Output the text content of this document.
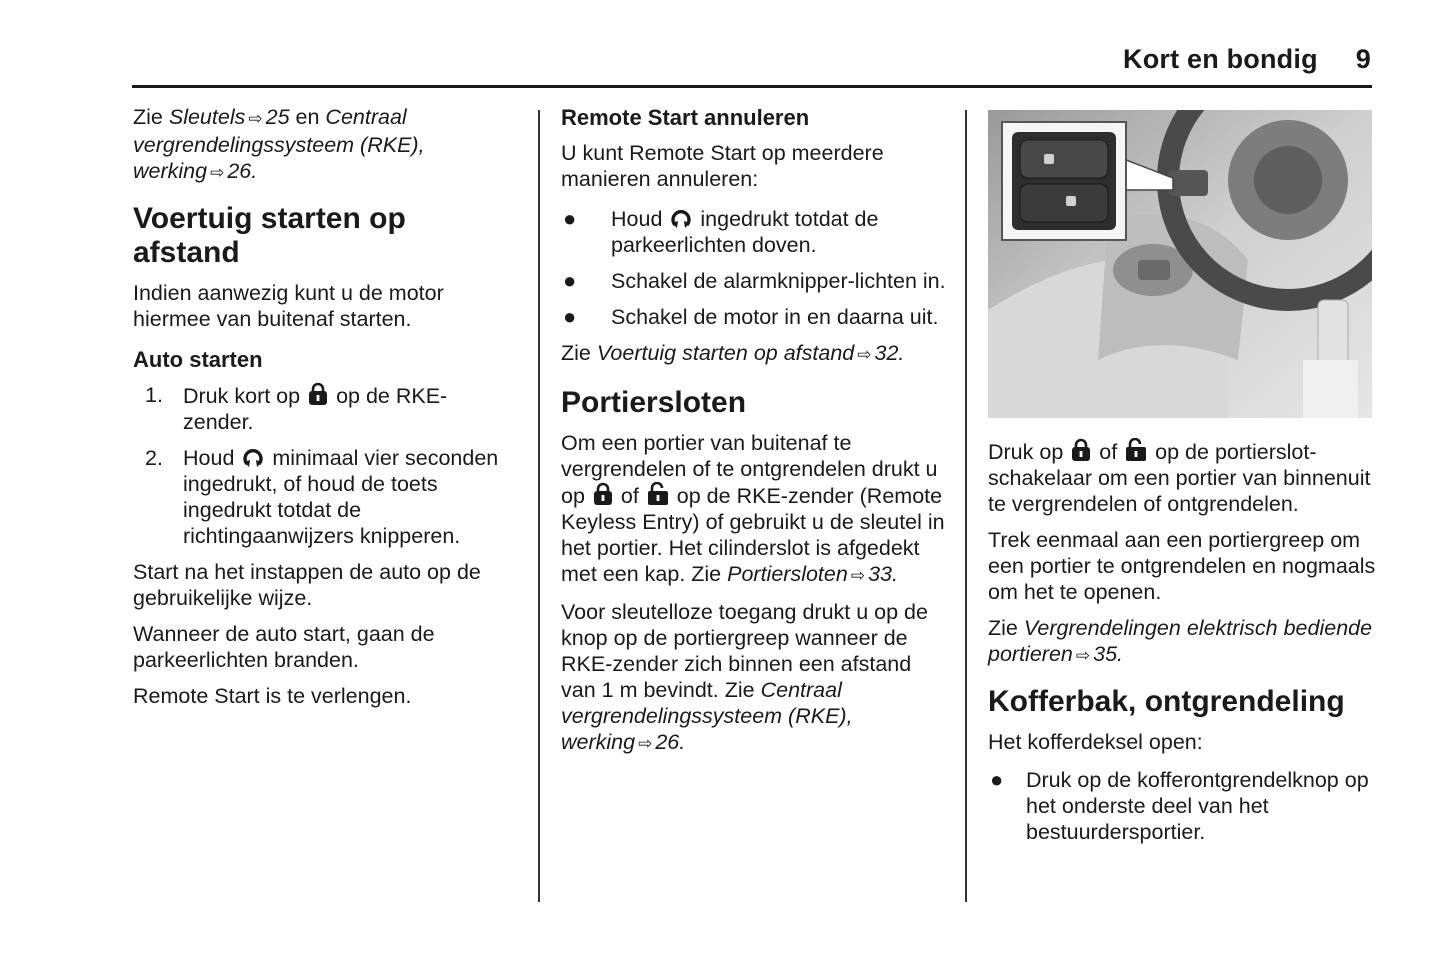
Kort en bondig 9

Zie Sleutels ⇨ 25 en Centraal vergrendelingssysteem (RKE), werking ⇨ 26.

Voertuig starten op afstand

Indien aanwezig kunt u de motor hiermee van buitenaf starten.

Auto starten
1. Druk kort op op de RKE-zender.
2. Houd minimaal vier seconden ingedrukt, of houd de toets ingedrukt totdat de richtingaanwijzers knipperen.

Start na het instappen de auto op de gebruikelijke wijze.

Wanneer de auto start, gaan de parkeerlichten branden.

Remote Start is te verlengen.

Remote Start annuleren

U kunt Remote Start op meerdere manieren annuleren:

● Houd ingedrukt totdat de parkeerlichten doven.
● Schakel de alarmknipper-lichten in.
● Schakel de motor in en daarna uit.

Zie Voertuig starten op afstand ⇨ 32.

Portiersloten

Om een portier van buitenaf te vergrendelen of te ontgrendelen drukt u op of op de RKE-zender (Remote Keyless Entry) of gebruikt u de sleutel in het portier. Het cilinderslot is afgedekt met een kap. Zie Portiersloten ⇨ 33.

Voor sleutelloze toegang drukt u op de knop op de portiergreep wanneer de RKE-zender zich binnen een afstand van 1 m bevindt. Zie Centraal vergrendelingssysteem (RKE), werking ⇨ 26.

Druk op of op de portierslot-schakelaar om een portier van binnenuit te vergrendelen of ontgrendelen.

Trek eenmaal aan een portiergreep om een portier te ontgrendelen en nogmaals om het te openen.

Zie Vergrendelingen elektrisch bediende portieren ⇨ 35.

Kofferbak, ontgrendeling

Het kofferdeksel open:

● Druk op de kofferontgrendelknop op het onderste deel van het bestuurdersportier.
